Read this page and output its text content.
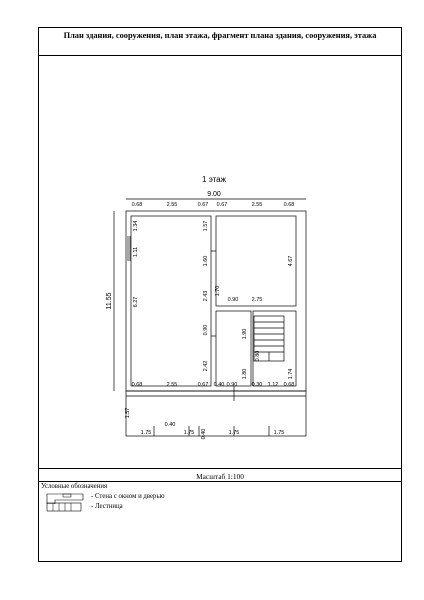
План здания, сооружения, план этажа, фрагмент плана здания, сооружения, этажа
1 этаж
9.00
11.55
0.68	2.55	0.67 0.67	2.55	0.68
1.34
1.11
6.27
1.57
1.60	4.67
2.75
1.70
2.43	0.90
0.90
2.42
1.90
1.80
0.80
1.74
0.68	2.55	0.67 0.40 0.90	0.30 1.12 0.68
1.57
0.40
1.75	1.75 0.40	1.75	1.75
Масштаб 1:100
Условные обозначения
- Стена с окном и дверью
- Лестница
